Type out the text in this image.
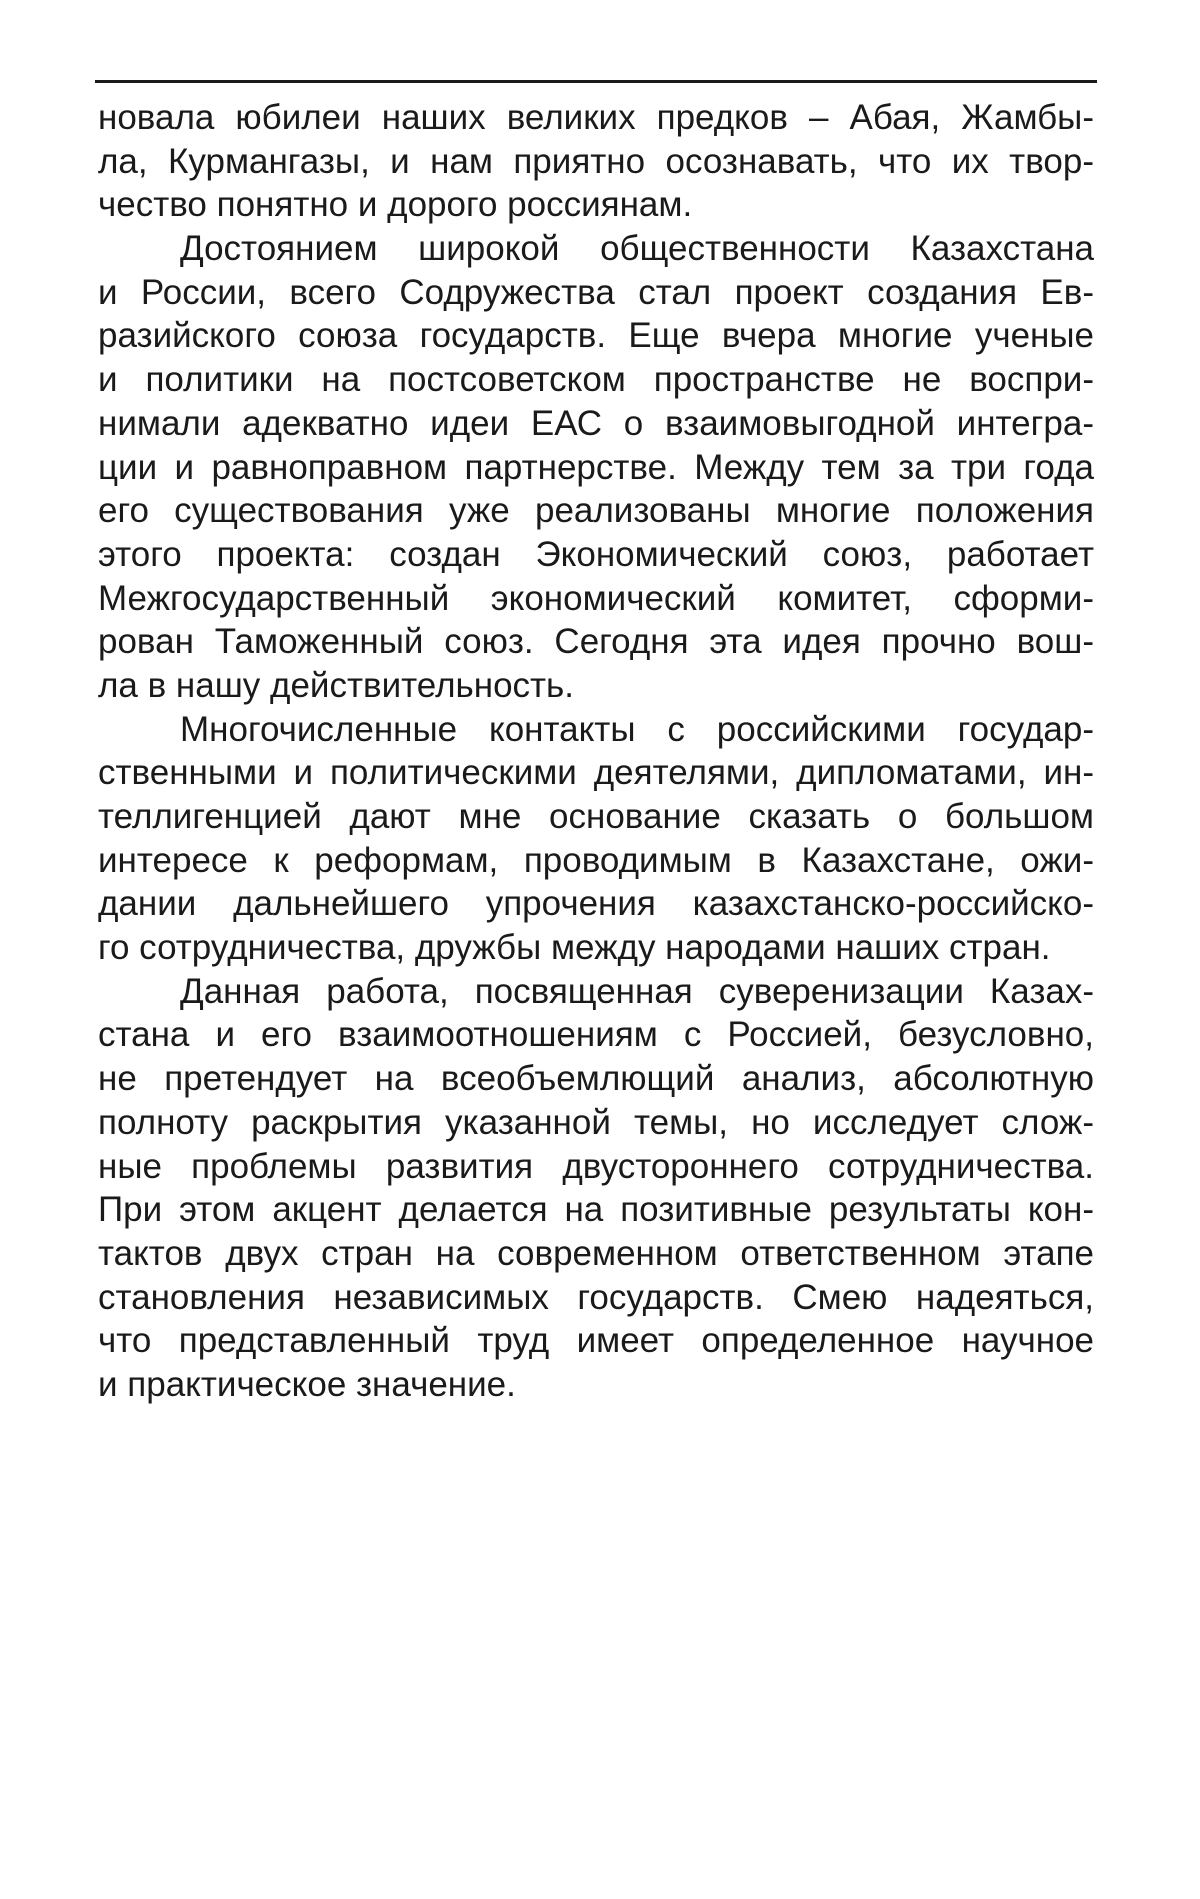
новала юбилеи наших великих предков – Абая, Жамбы-
ла, Курмангазы, и нам приятно осознавать, что их твор-
чество понятно и дорого россиянам.
Достоянием широкой общественности Казахстана
и России, всего Содружества стал проект создания Ев-
разийского союза государств. Еще вчера многие ученые
и политики на постсоветском пространстве не воспри-
нимали адекватно идеи ЕАС о взаимовыгодной интегра-
ции и равноправном партнерстве. Между тем за три года
его существования уже реализованы многие положения
этого проекта: создан Экономический союз, работает
Межгосударственный экономический комитет, сформи-
рован Таможенный союз. Сегодня эта идея прочно вош-
ла в нашу действительность.
Многочисленные контакты с российскими государ-
ственными и политическими деятелями, дипломатами, ин-
теллигенцией дают мне основание сказать о большом
интересе к реформам, проводимым в Казахстане, ожи-
дании дальнейшего упрочения казахстанско-российско-
го сотрудничества, дружбы между народами наших стран.
Данная работа, посвященная суверенизации Казах-
стана и его взаимоотношениям с Россией, безусловно,
не претендует на всеобъемлющий анализ, абсолютную
полноту раскрытия указанной темы, но исследует слож-
ные проблемы развития двустороннего сотрудничества.
При этом акцент делается на позитивные результаты кон-
тактов двух стран на современном ответственном этапе
становления независимых государств. Смею надеяться,
что представленный труд имеет определенное научное
и практическое значение.
